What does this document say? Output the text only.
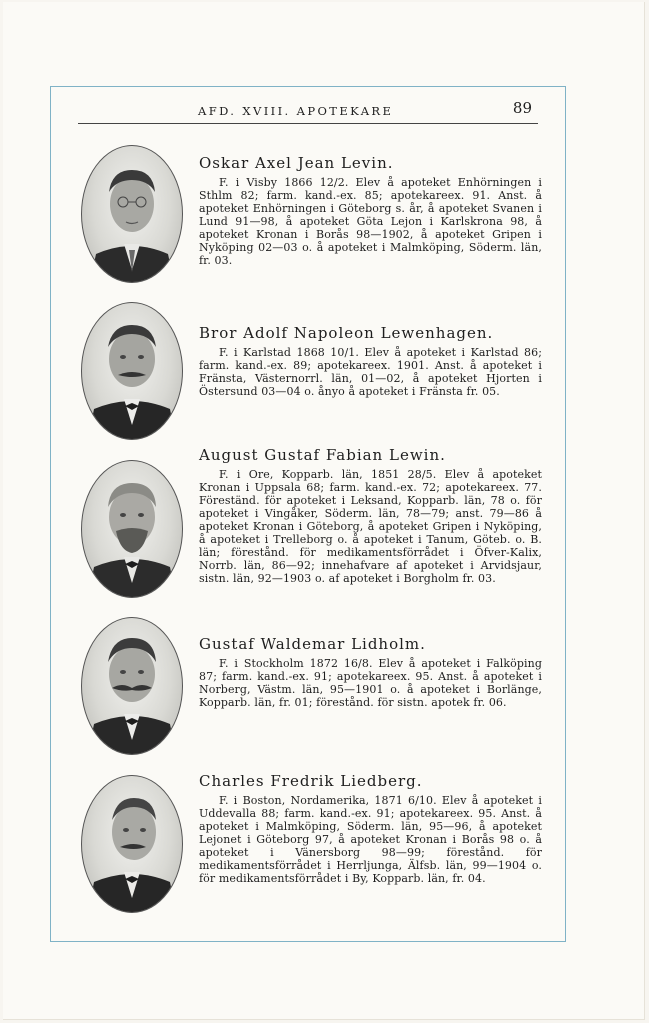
AFD. XVIII. APOTEKARE	89

Oskar Axel Jean Levin.

F. i Visby 1866 12/2. Elev å apoteket Enhörningen i Sthlm 82; farm. kand.-ex. 85; apotekareex. 91. Anst. å apoteket Enhörningen i Göteborg s. år, å apoteket Svanen i Lund 91—98, å apoteket Göta Lejon i Karlskrona 98, å apoteket Kronan i Borås 98—1902, å apoteket Gripen i Nyköping 02—03 o. å apoteket i Malmköping, Söderm. län, fr. 03.

Bror Adolf Napoleon Lewenhagen.

F. i Karlstad 1868 10/1. Elev å apoteket i Karlstad 86; farm. kand.-ex. 89; apotekareex. 1901. Anst. å apoteket i Fränsta, Västernorrl. län, 01—02, å apoteket Hjorten i Östersund 03—04 o. ånyo å apoteket i Fränsta fr. 05.

August Gustaf Fabian Lewin.

F. i Ore, Kopparb. län, 1851 28/5. Elev å apoteket Kronan i Uppsala 68; farm. kand.-ex. 72; apotekareex. 77. Föreständ. för apoteket i Leksand, Kopparb. län, 78 o. för apoteket i Vingåker, Söderm. län, 78—79; anst. 79—86 å apoteket Kronan i Göteborg, å apoteket Gripen i Nyköping, å apoteket i Trelleborg o. å apoteket i Tanum, Göteb. o. B. län; förestånd. för medikamentsförrådet i Öfver-Kalix, Norrb. län, 86—92; innehafvare af apoteket i Arvidsjaur, sistn. län, 92—1903 o. af apoteket i Borgholm fr. 03.

Gustaf Waldemar Lidholm.

F. i Stockholm 1872 16/8. Elev å apoteket i Falköping 87; farm. kand.-ex. 91; apotekareex. 95. Anst. å apoteket i Norberg, Västm. län, 95—1901 o. å apoteket i Borlänge, Kopparb. län, fr. 01; förestånd. för sistn. apotek fr. 06.

Charles Fredrik Liedberg.

F. i Boston, Nordamerika, 1871 6/10. Elev å apoteket i Uddevalla 88; farm. kand.-ex. 91; apotekareex. 95. Anst. å apoteket i Malmköping, Söderm. län, 95—96, å apoteket Lejonet i Göteborg 97, å apoteket Kronan i Borås 98 o. å apoteket i Vänersborg 98—99; förestånd. för medikamentsförrådet i Herrljunga, Älfsb. län, 99—1904 o. för medikamentsförrådet i By, Kopparb. län, fr. 04.
